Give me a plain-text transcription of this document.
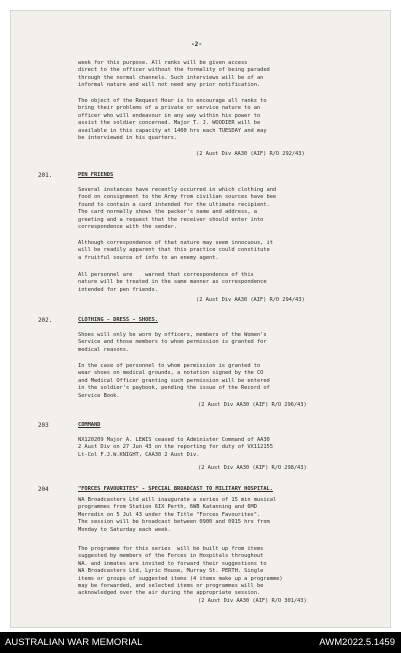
-2-
week for this purpose. All ranks will be given access
direct to the officer without the formality of being paraded
through the normal channels. Such interviews will be of an
informal nature and will not need any prior notification.
The object of the Request Hour is to encourage all ranks to
bring their problems of a private or service nature to an
officer who will endeavour in any way within his power to
assist the soldier concerned. Major T. J. WOODIER will be
available in this capacity at 1400 hrs each TUESDAY and may
be interviewed in his quarters.
(2 Aust Div AA30 (AIF) R/O 292/43)
201.	PEN FRIENDS
Several instances have recently occurred in which clothing and
food on consignment to the Army from civilian sources have bee
found to contain a card intended for the ultimate recipient.
The card normally shows the packer's name and address, a
greeting and a request that the receiver should enter into
correspondence with the sender.
Although correspondence of that nature may seem innocuous, it
will be readily apparent that this practice could constitute
a fruitful source of info to an enemy agent.
All personnel are    warned that correspondence of this
nature will be treated in the same manner as correspondence
intended for pen friends.
(2 Aust Div AA30 (AIF) R/O 294/43)
202.	CLOTHING - DRESS - SHOES.
Shoes will only be worn by officers, members of the Women's
Service and those members to whom permission is granted for
medical reasons.
In the case of personnel to whom permission is granted to
wear shoes on medical grounds, a notation signed by the CO
and Medical Officer granting such permission will be entered
in the soldier's paybook, pending the issue of the Record of
Service Book.
(2 Aust Div AA30 (AIF) R/O 296/43)
203	COMMAND
NX120209 Major A. LEWIS ceased to Administer Command of AA30
2 Aust Div on 27 Jun 43 on the reporting for duty of VX112155
Lt-Col F.J.W.KNIGHT, CAA30 2 Aust Div.
(2 Aust Div AA30 (AIF) R/O 298/43)
204	"FORCES FAVOURITES" - SPECIAL BROADCAST TO MILITARY HOSPITAL.
WA Broadcasters Ltd will inaugurate a series of 15 min musical
programmes from Station 6IX Perth, 6WB Katanning and 6MD
Merredin on 5 Jul 43 under the Title "Forces Favourites".
The session will be broadcast between 0900 and 0915 hrs from
Monday to Saturday each week.
The programme for this series  will be built up from items
suggested by members of the Forces in Hospitals throughout
WA. and inmates are invited to forward their suggestions to
WA Broadcasters Ltd, Lyric House, Murray St. PERTH. Single
items or groups of suggested items (4 items make up a programme)
may be forwarded, and selected items or programmes will be
acknowledged over the air during the appropriate session.
(2 Aust Div AA30 (AIF) R/O 301/43)
AUSTRALIAN WAR MEMORIAL	AWM2022.5.1459
